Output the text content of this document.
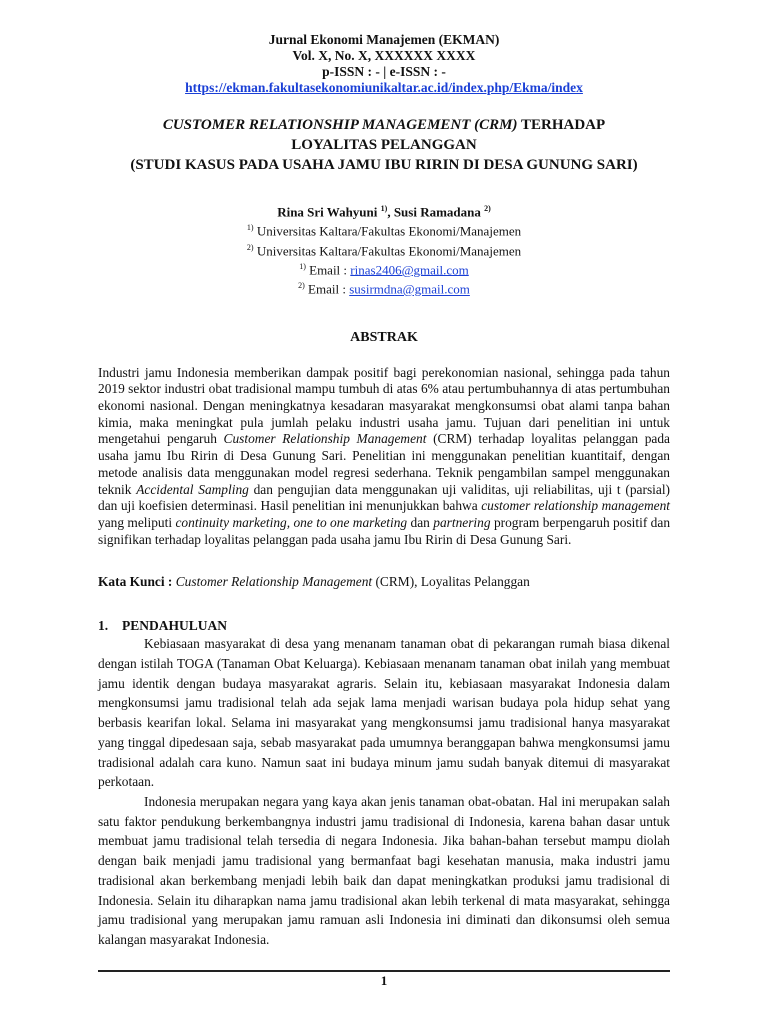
Jurnal Ekonomi Manajemen (EKMAN)
Vol. X, No. X, XXXXXX XXXX
p-ISSN : - | e-ISSN : -
https://ekman.fakultasekonomiunikaltar.ac.id/index.php/Ekma/index
CUSTOMER RELATIONSHIP MANAGEMENT (CRM) TERHADAP
LOYALITAS PELANGGAN
(STUDI KASUS PADA USAHA JAMU IBU RIRIN DI DESA GUNUNG SARI)
Rina Sri Wahyuni $^{1)}$, Susi Ramadana $^{2)}$
$^{1)}$ Universitas Kaltara/Fakultas Ekonomi/Manajemen
$^{2)}$ Universitas Kaltara/Fakultas Ekonomi/Manajemen
$^{1)}$ Email : rinas2406@gmail.com
$^{2)}$ Email : susirmdna@gmail.com
ABSTRAK
Industri jamu Indonesia memberikan dampak positif bagi perekonomian nasional, sehingga pada tahun 2019 sektor industri obat tradisional mampu tumbuh di atas 6% atau pertumbuhannya di atas pertumbuhan ekonomi nasional. Dengan meningkatnya kesadaran masyarakat mengkonsumsi obat alami tanpa bahan kimia, maka meningkat pula jumlah pelaku industri usaha jamu. Tujuan dari penelitian ini untuk mengetahui pengaruh Customer Relationship Management (CRM) terhadap loyalitas pelanggan pada usaha jamu Ibu Ririn di Desa Gunung Sari. Penelitian ini menggunakan penelitian kuantitaif, dengan metode analisis data menggunakan model regresi sederhana. Teknik pengambilan sampel menggunakan teknik Accidental Sampling dan pengujian data menggunakan uji validitas, uji reliabilitas, uji t (parsial) dan uji koefisien determinasi. Hasil penelitian ini menunjukkan bahwa customer relationship management yang meliputi continuity marketing, one to one marketing dan partnering program berpengaruh positif dan signifikan terhadap loyalitas pelanggan pada usaha jamu Ibu Ririn di Desa Gunung Sari.
Kata Kunci : Customer Relationship Management (CRM), Loyalitas Pelanggan
1. PENDAHULUAN

Kebiasaan masyarakat di desa yang menanam tanaman obat di pekarangan rumah biasa dikenal dengan istilah TOGA (Tanaman Obat Keluarga). Kebiasaan menanam tanaman obat inilah yang membuat jamu identik dengan budaya masyarakat agraris. Selain itu, kebiasaan masyarakat Indonesia dalam mengkonsumsi jamu tradisional telah ada sejak lama menjadi warisan budaya pola hidup sehat yang berbasis kearifan lokal. Selama ini masyarakat yang mengkonsumsi jamu tradisional hanya masyarakat yang tinggal dipedesaan saja, sebab masyarakat pada umumnya beranggapan bahwa mengkonsumsi jamu tradisional adalah cara kuno. Namun saat ini budaya minum jamu sudah banyak ditemui di masyarakat perkotaan.

Indonesia merupakan negara yang kaya akan jenis tanaman obat-obatan. Hal ini merupakan salah satu faktor pendukung berkembangnya industri jamu tradisional di Indonesia, karena bahan dasar untuk membuat jamu tradisional telah tersedia di negara Indonesia. Jika bahan-bahan tersebut mampu diolah dengan baik menjadi jamu tradisional yang bermanfaat bagi kesehatan manusia, maka industri jamu tradisional akan berkembang menjadi lebih baik dan dapat meningkatkan produksi jamu tradisional di Indonesia. Selain itu diharapkan nama jamu tradisional akan lebih terkenal di mata masyarakat, sehingga jamu tradisional yang merupakan jamu ramuan asli Indonesia ini diminati dan dikonsumsi oleh semua kalangan masyarakat Indonesia.

1
